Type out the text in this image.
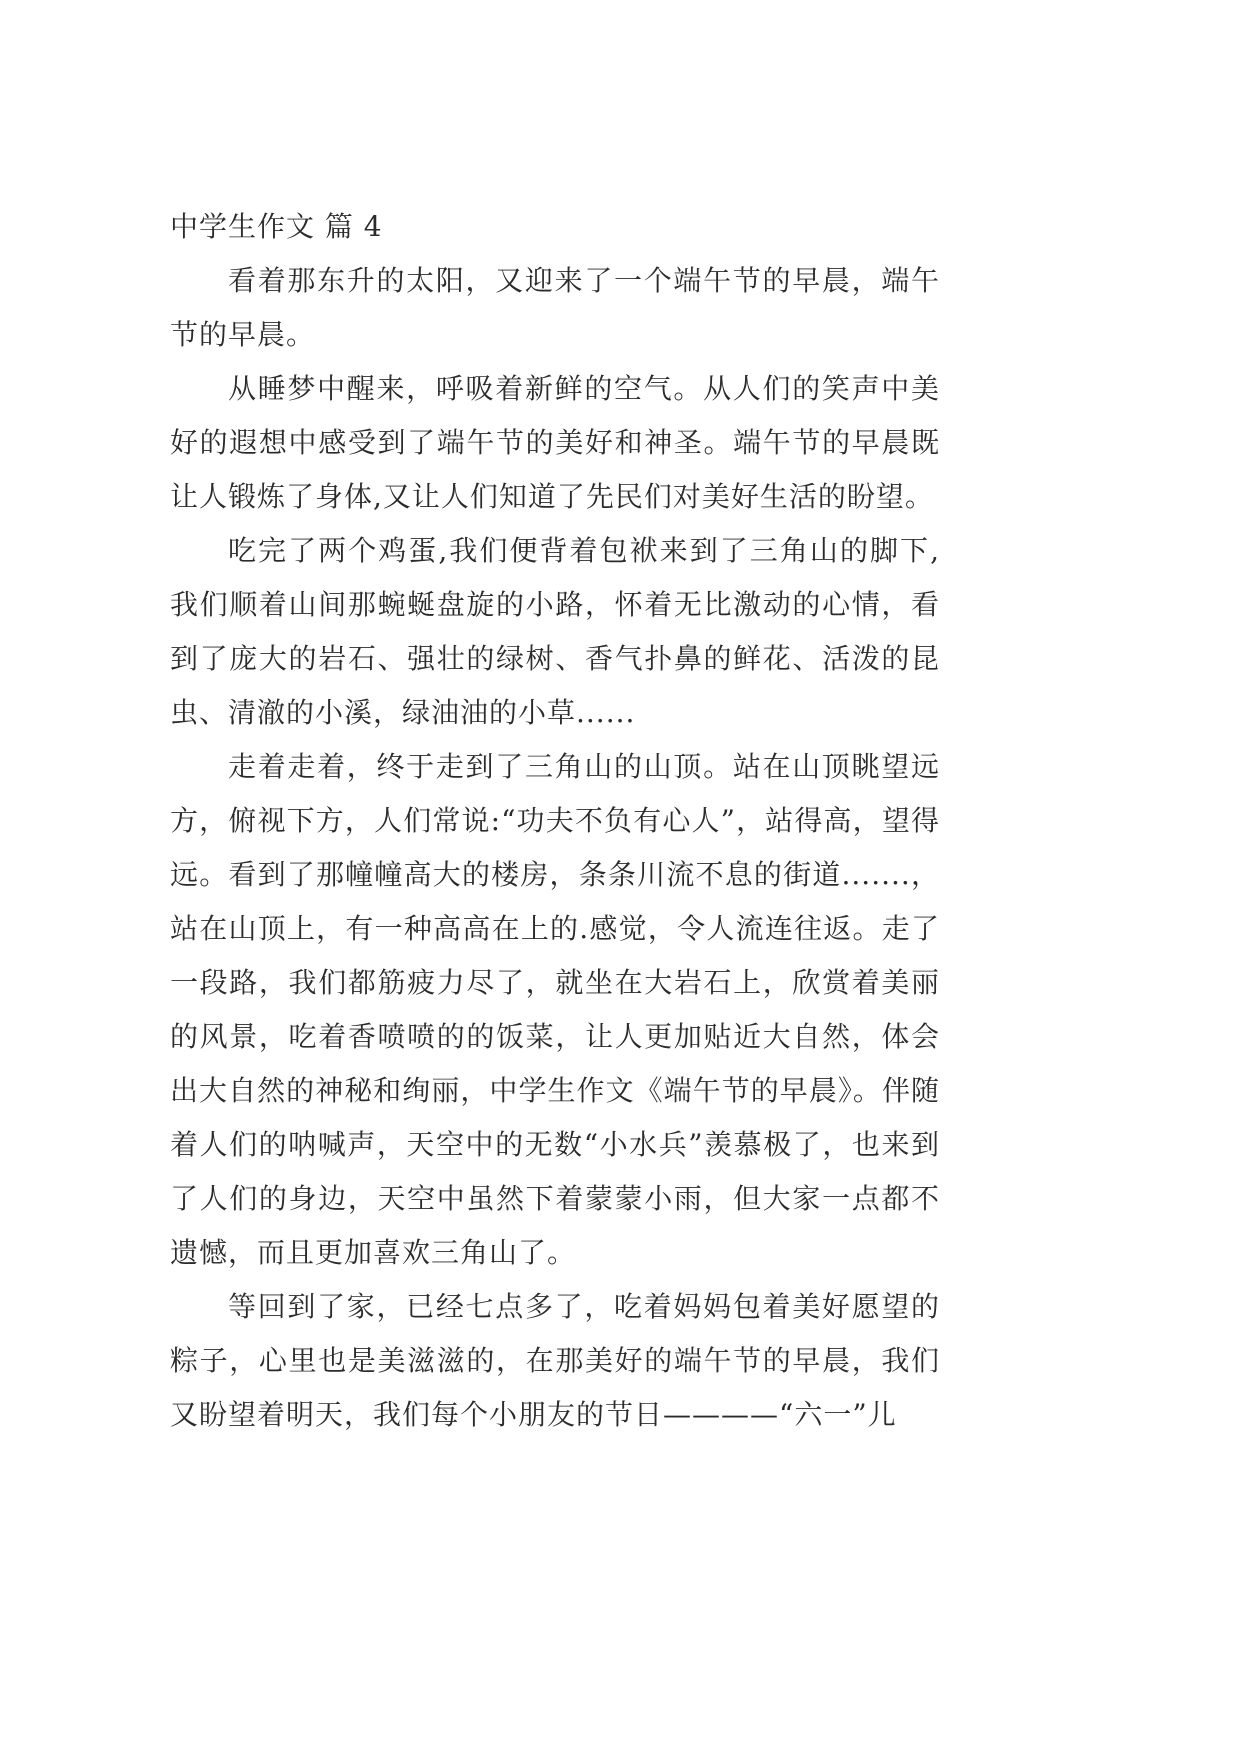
中学生作文 篇 4

看着那东升的太阳，又迎来了一个端午节的早晨，端午节的早晨。

从睡梦中醒来，呼吸着新鲜的空气。从人们的笑声中美好的遐想中感受到了端午节的美好和神圣。端午节的早晨既让人锻炼了身体,又让人们知道了先民们对美好生活的盼望。

吃完了两个鸡蛋,我们便背着包袱来到了三角山的脚下,我们顺着山间那蜿蜒盘旋的小路，怀着无比激动的心情，看到了庞大的岩石、强壮的绿树、香气扑鼻的鲜花、活泼的昆虫、清澈的小溪，绿油油的小草......

走着走着，终于走到了三角山的山顶。站在山顶眺望远方，俯视下方，人们常说:“功夫不负有心人”，站得高，望得远。看到了那幢幢高大的楼房，条条川流不息的街道.......，站在山顶上，有一种高高在上的.感觉，令人流连往返。走了一段路，我们都筋疲力尽了，就坐在大岩石上，欣赏着美丽的风景，吃着香喷喷的的饭菜，让人更加贴近大自然，体会出大自然的神秘和绚丽，中学生作文《端午节的早晨》。伴随着人们的呐喊声，天空中的无数“小水兵”羡慕极了，也来到了人们的身边，天空中虽然下着蒙蒙小雨，但大家一点都不遗憾，而且更加喜欢三角山了。

等回到了家，已经七点多了，吃着妈妈包着美好愿望的粽子，心里也是美滋滋的，在那美好的端午节的早晨，我们又盼望着明天，我们每个小朋友的节日————“六一”儿
